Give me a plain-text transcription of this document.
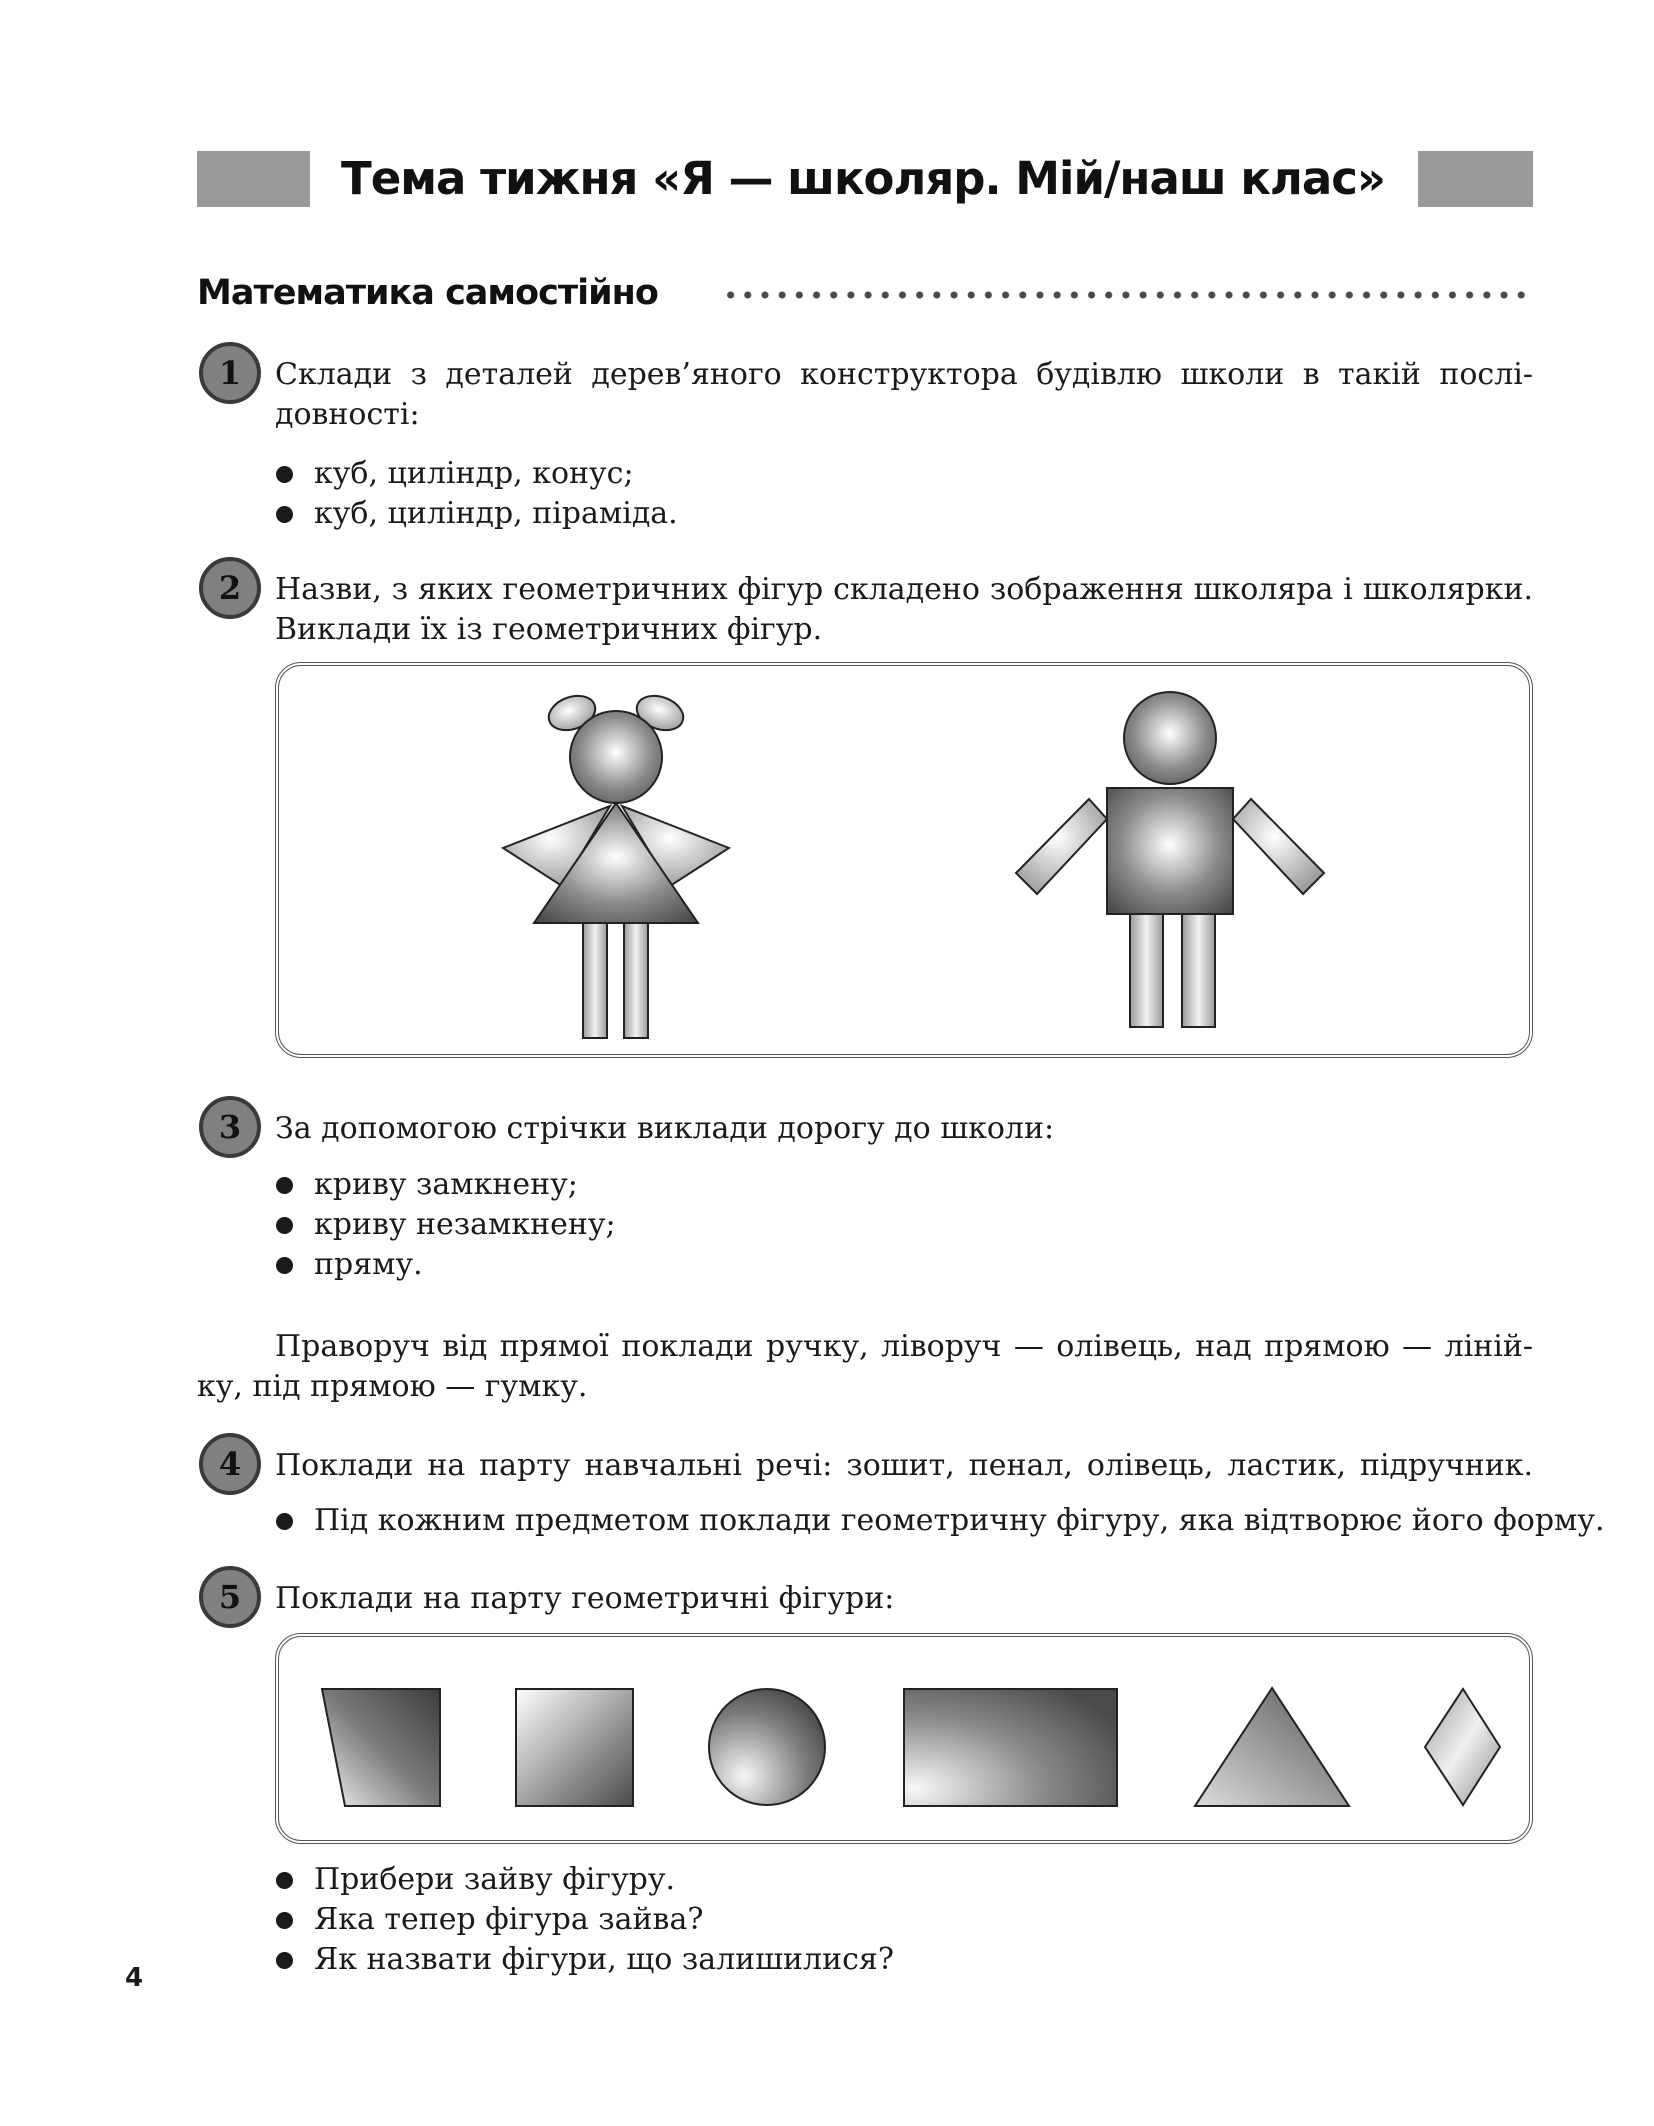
Тема тижня «Я — школяр. Мій/наш клас»
Математика самостійно
1	Склади з деталей дерев’яного конструктора будівлю школи в такій послі-
довності:
куб, циліндр, конус;
куб, циліндр, піраміда.
2	Назви, з яких геометричних фігур складено зображення школяра і школярки.
Виклади їх із геометричних фігур.
3	За допомогою стрічки виклади дорогу до школи:
криву замкнену;
криву незамкнену;
пряму.
Праворуч від прямої поклади ручку, ліворуч — олівець, над прямою — ліній-
ку, під прямою — гумку.
4	Поклади на парту навчальні речі: зошит, пенал, олівець, ластик, підручник.
Під кожним предметом поклади геометричну фігуру, яка відтворює його форму.
5	Поклади на парту геометричні фігури:
Прибери зайву фігуру.
Яка тепер фігура зайва?
Як назвати фігури, що залишилися?
4
